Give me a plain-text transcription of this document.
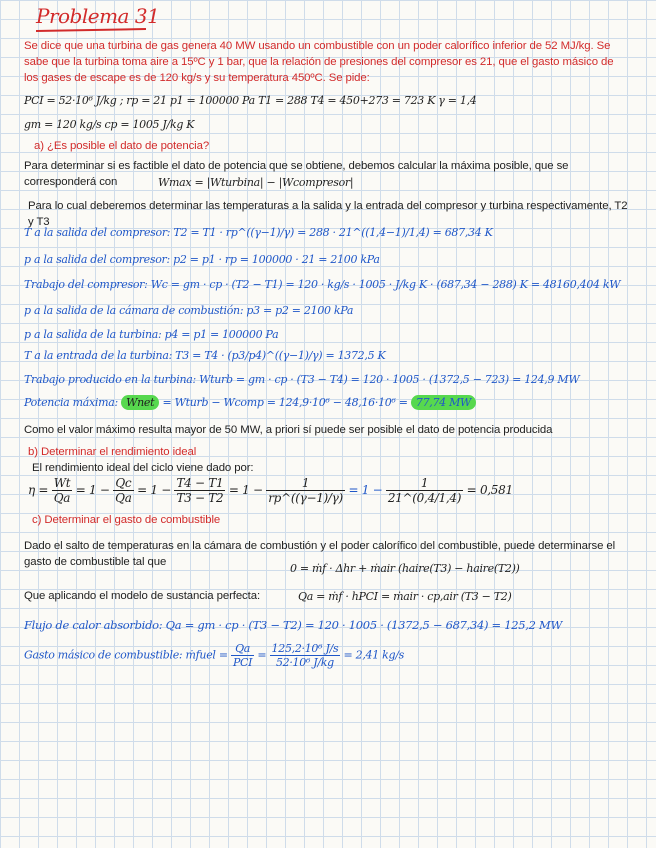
Problema 31
Se dice que una turbina de gas genera 40 MW usando un combustible con un poder calorífico inferior de 52 MJ/kg. Se sabe que la turbina toma aire a 15ºC y 1 bar, que la relación de presiones del compresor es 21, que el gasto másico de los gases de escape es de 120 kg/s y su temperatura 450ºC. Se pide:
PCI = 52·10⁶ J/kg ; rp = 21 p1 = 100000 Pa T1 = 288 T4 = 450+273 = 723 K γ = 1,4
gm = 120 kg/s cp = 1005 J/kg K
a) ¿Es posible el dato de potencia?
Para determinar si es factible el dato de potencia que se obtiene, debemos calcular la máxima posible, que se corresponderá con	Wmax = |Wturbina| − |Wcompresor|
Para lo cual deberemos determinar las temperaturas a la salida y la entrada del compresor y turbina respectivamente, T2 y T3
T a la salida del compresor: T2 = T1 · rp^((γ−1)/γ) = 288 · 21^((1,4−1)/1,4) = 687,34 K
p a la salida del compresor: p2 = p1 · rp = 100000 · 21 = 2100 kPa
Trabajo del compresor: Wc = gm · cp · (T2 − T1) = 120 · kg/s · 1005 · J/kg K · (687,34 − 288) K = 48160,404 kW
p a la salida de la cámara de combustión: p3 = p2 = 2100 kPa
p a la salida de la turbina: p4 = p1 = 100000 Pa
T a la entrada de la turbina: T3 = T4 · (p3/p4)^((γ−1)/γ) = 1372,5 K
Trabajo producido en la turbina: Wturb = gm · cp · (T3 − T4) = 120 · 1005 · (1372,5 − 723) = 124,9 MW
Potencia máxima: Wnet = Wturb − Wcomp = 124,9·10⁶ − 48,16·10⁶ = 77,74 MW
Como el valor máximo resulta mayor de 50 MW, a priori sí puede ser posible el dato de potencia producida
b) Determinar el rendimiento ideal
El rendimiento ideal del ciclo viene dado por:
$\eta = \frac{Wt}{Qa} = 1 - \frac{Qc}{Qa} = 1 - \frac{T4 - T1}{T3 - T2} = 1 - \frac{1}{rp\^{}((\gamma-1)/\gamma)} = 1 - \frac{1}{21\^{}(0,4/1,4)} = 0,581$
c) Determinar el gasto de combustible
Dado el salto de temperaturas en la cámara de combustión y el poder calorífico del combustible, puede determinarse el gasto de combustible tal que	0 = ṁf · Δhr + ṁair (haire(T3) − haire(T2))
Que aplicando el modelo de sustancia perfecta:	Qa = ṁf · hPCI = ṁair · cp,air (T3 − T2)
Flujo de calor absorbido: Qa = gm · cp · (T3 − T2) = 120 · 1005 · (1372,5 − 687,34) = 125,2 MW
Gasto másico de combustible: ṁfuel = $\frac{Qa}{\text{PCI}} = \frac{\text{125,2·10⁶ J/s}}{\text{52·10⁶ J/kg}} = 2,41$ kg/s
